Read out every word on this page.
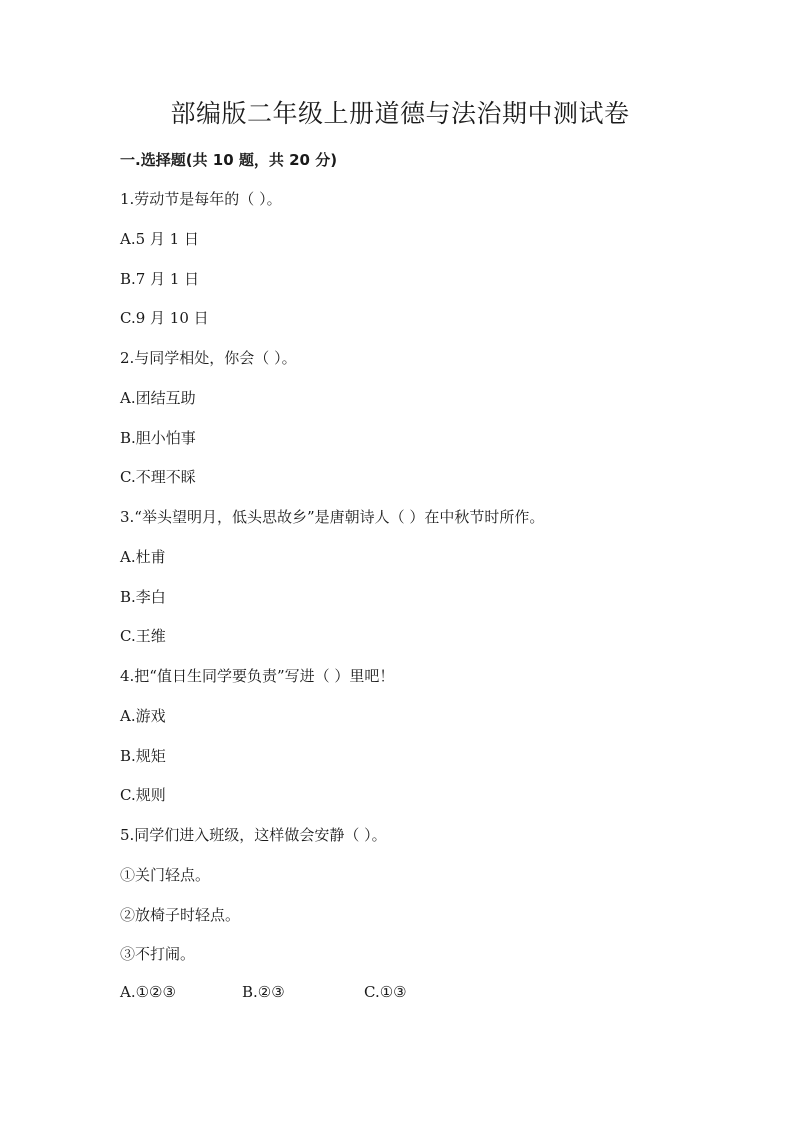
部编版二年级上册道德与法治期中测试卷
一.选择题(共 10 题，共 20 分)
1.劳动节是每年的（ ）。
A.5 月 1 日
B.7 月 1 日
C.9 月 10 日
2.与同学相处，你会（ ）。
A.团结互助
B.胆小怕事
C.不理不睬
3.“举头望明月，低头思故乡”是唐朝诗人（ ）在中秋节时所作。
A.杜甫
B.李白
C.王维
4.把“值日生同学要负责”写进（ ）里吧！
A.游戏
B.规矩
C.规则
5.同学们进入班级，这样做会安静（ ）。
①关门轻点。
②放椅子时轻点。
③不打闹。
A.①②③	B.②③	C.①③
